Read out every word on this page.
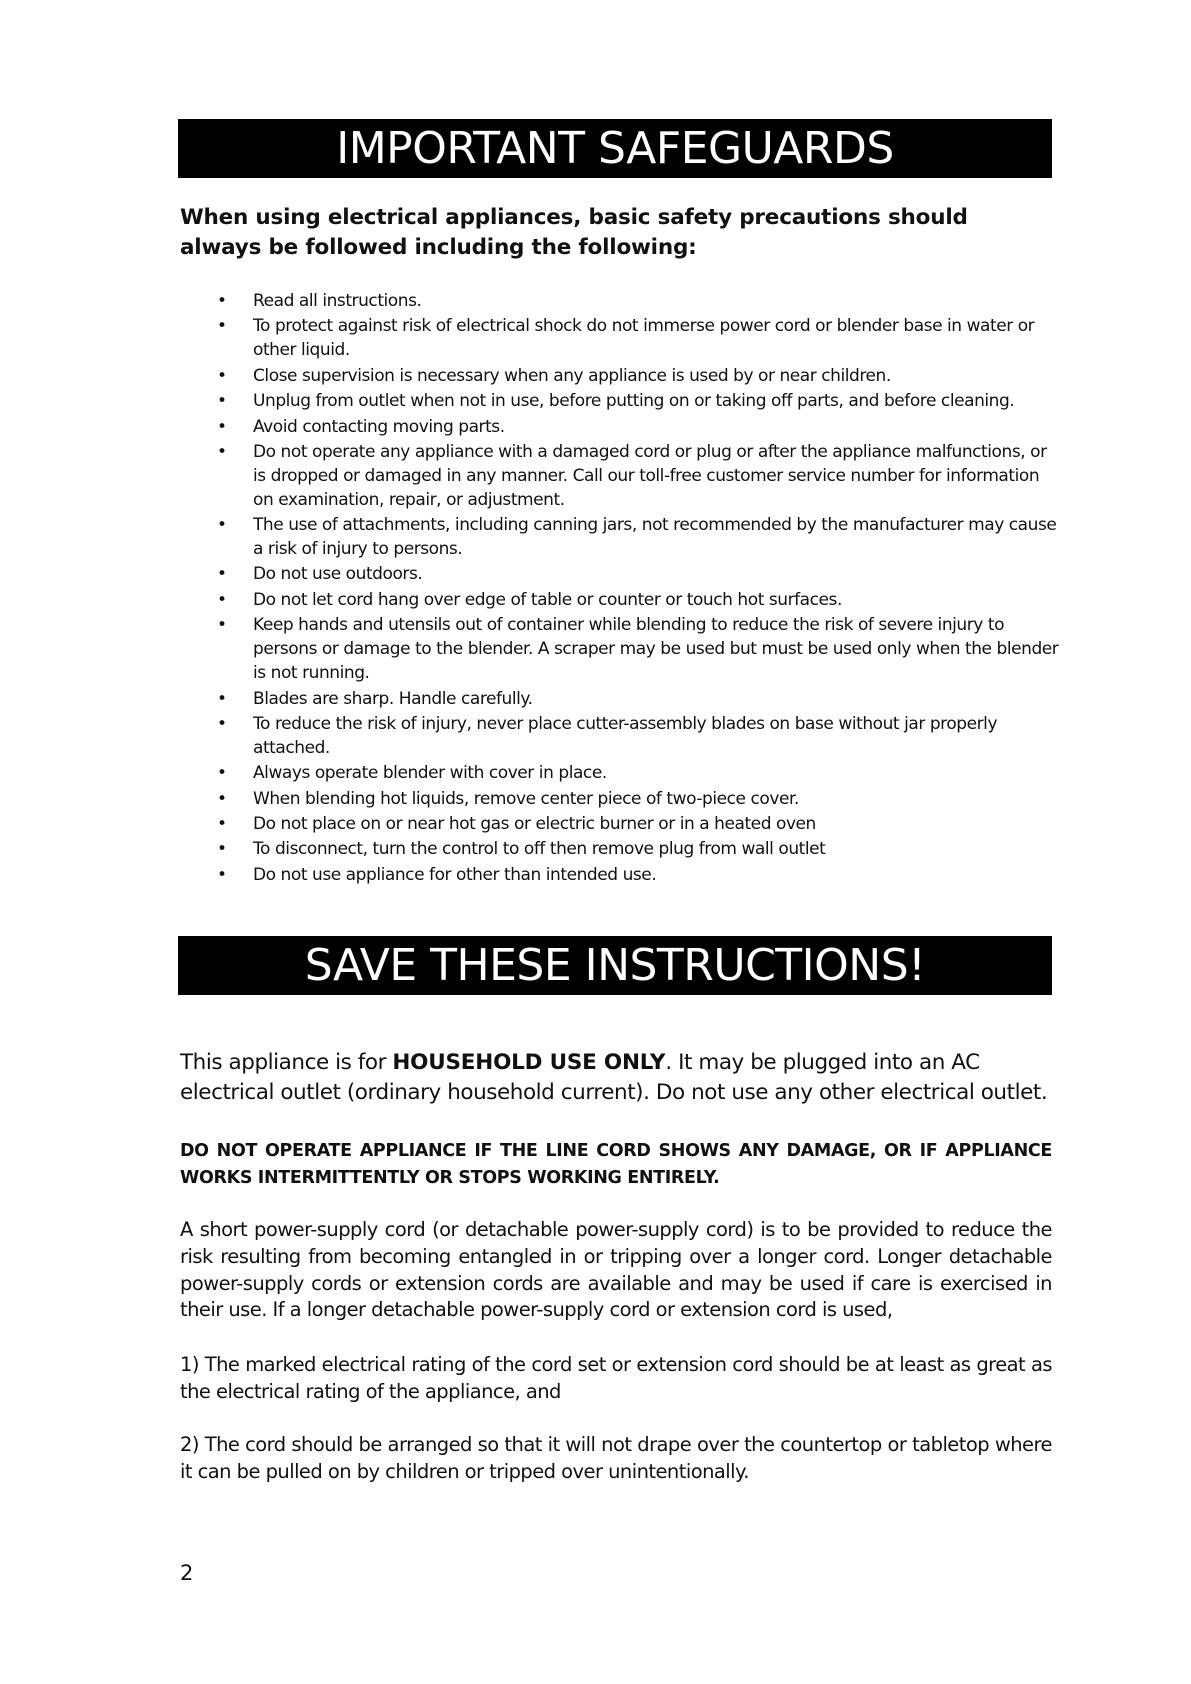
IMPORTANT SAFEGUARDS

When using electrical appliances, basic safety precautions should always be followed including the following:

• Read all instructions.
• To protect against risk of electrical shock do not immerse power cord or blender base in water or other liquid.
• Close supervision is necessary when any appliance is used by or near children.
• Unplug from outlet when not in use, before putting on or taking off parts, and before cleaning.
• Avoid contacting moving parts.
• Do not operate any appliance with a damaged cord or plug or after the appliance malfunctions, or is dropped or damaged in any manner. Call our toll-free customer service number for information on examination, repair, or adjustment.
• The use of attachments, including canning jars, not recommended by the manufacturer may cause a risk of injury to persons.
• Do not use outdoors.
• Do not let cord hang over edge of table or counter or touch hot surfaces.
• Keep hands and utensils out of container while blending to reduce the risk of severe injury to persons or damage to the blender. A scraper may be used but must be used only when the blender is not running.
• Blades are sharp. Handle carefully.
• To reduce the risk of injury, never place cutter-assembly blades on base without jar properly attached.
• Always operate blender with cover in place.
• When blending hot liquids, remove center piece of two-piece cover.
• Do not place on or near hot gas or electric burner or in a heated oven
• To disconnect, turn the control to off then remove plug from wall outlet
• Do not use appliance for other than intended use.
SAVE THESE INSTRUCTIONS!

This appliance is for HOUSEHOLD USE ONLY. It may be plugged into an AC electrical outlet (ordinary household current). Do not use any other electrical outlet.

DO NOT OPERATE APPLIANCE IF THE LINE CORD SHOWS ANY DAMAGE, OR IF APPLIANCE WORKS INTERMITTENTLY OR STOPS WORKING ENTIRELY.

A short power-supply cord (or detachable power-supply cord) is to be provided to reduce the risk resulting from becoming entangled in or tripping over a longer cord. Longer detachable power-supply cords or extension cords are available and may be used if care is exercised in their use. If a longer detachable power-supply cord or extension cord is used,

1) The marked electrical rating of the cord set or extension cord should be at least as great as the electrical rating of the appliance, and

2) The cord should be arranged so that it will not drape over the countertop or tabletop where it can be pulled on by children or tripped over unintentionally.

2
